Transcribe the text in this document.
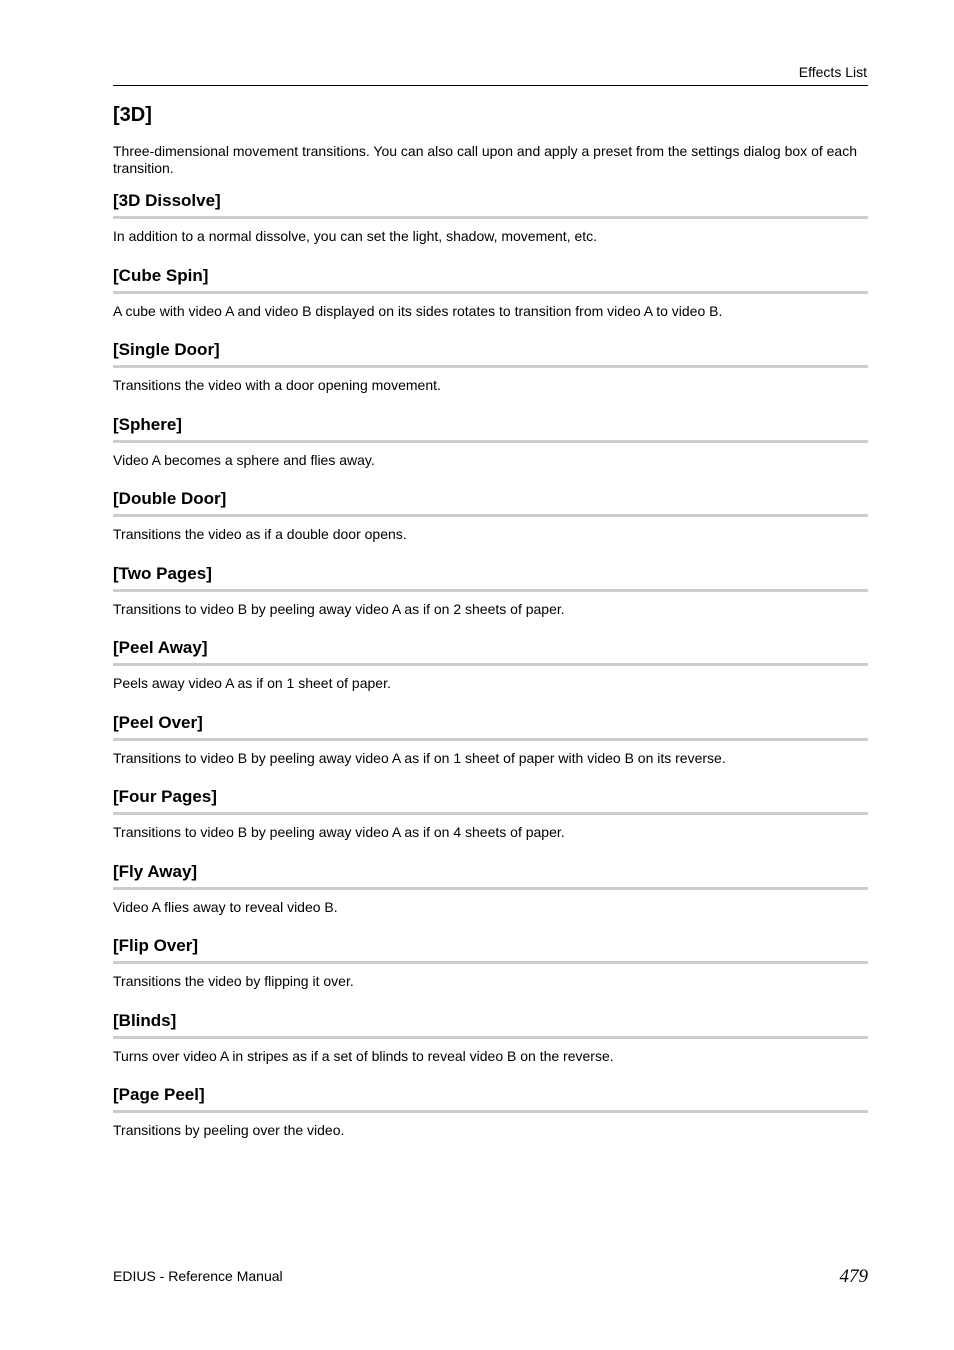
Effects List
[3D]

Three-dimensional movement transitions. You can also call upon and apply a preset from the settings dialog box of each transition.

[3D Dissolve]

In addition to a normal dissolve, you can set the light, shadow, movement, etc.

[Cube Spin]

A cube with video A and video B displayed on its sides rotates to transition from video A to video B.

[Single Door]

Transitions the video with a door opening movement.

[Sphere]

Video A becomes a sphere and flies away.

[Double Door]

Transitions the video as if a double door opens.

[Two Pages]

Transitions to video B by peeling away video A as if on 2 sheets of paper.

[Peel Away]

Peels away video A as if on 1 sheet of paper.

[Peel Over]

Transitions to video B by peeling away video A as if on 1 sheet of paper with video B on its reverse.

[Four Pages]

Transitions to video B by peeling away video A as if on 4 sheets of paper.

[Fly Away]

Video A flies away to reveal video B.

[Flip Over]

Transitions the video by flipping it over.

[Blinds]

Turns over video A in stripes as if a set of blinds to reveal video B on the reverse.

[Page Peel]

Transitions by peeling over the video.

EDIUS - Reference Manual	479
